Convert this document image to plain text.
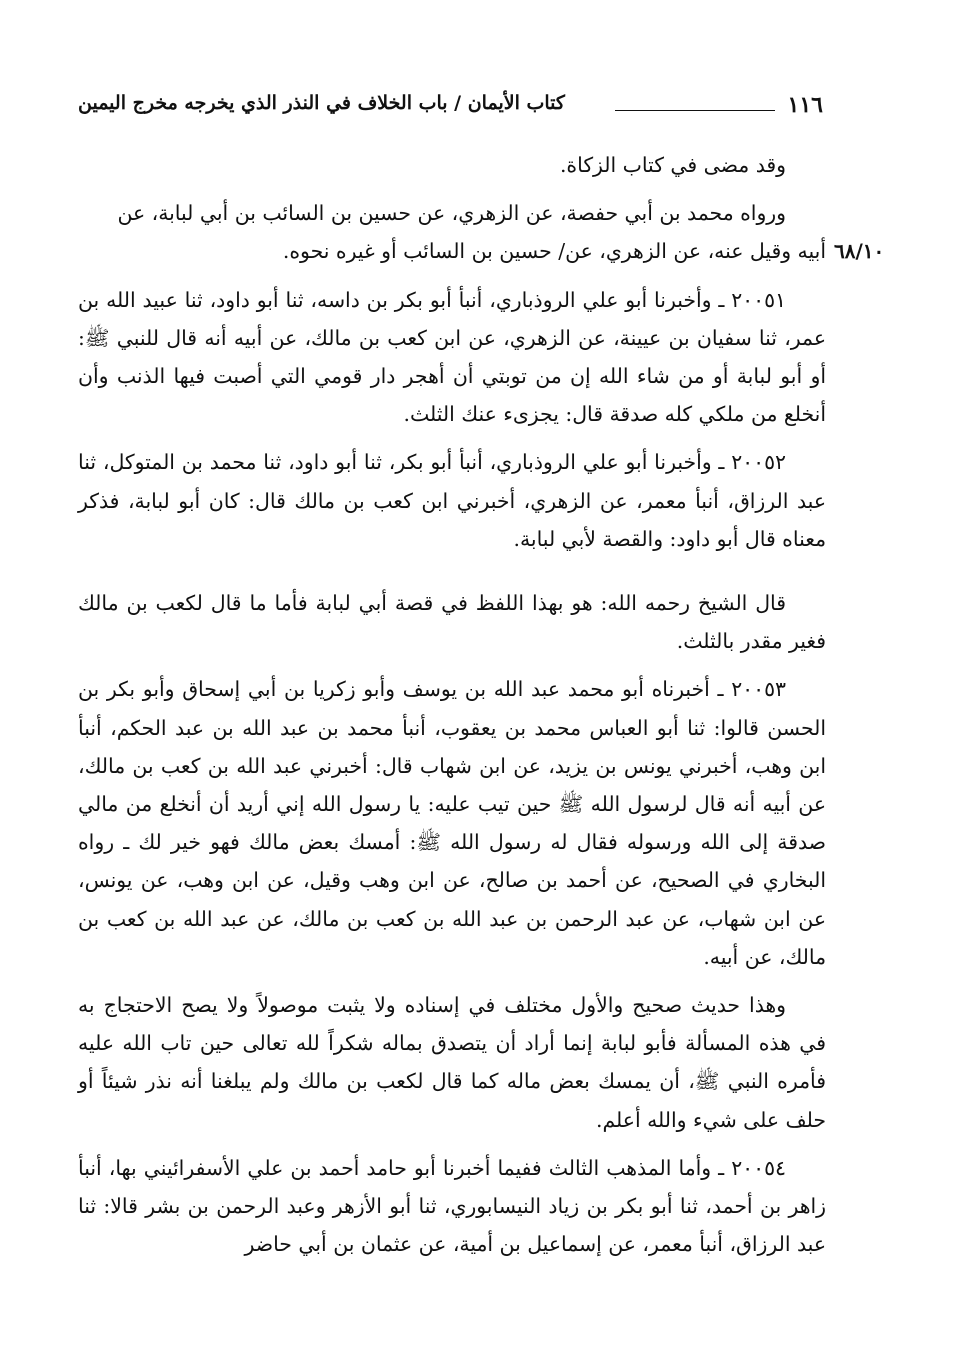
١١٦
كتاب الأيمان / باب الخلاف في النذر الذي يخرجه مخرج اليمين
٦٨/١٠

وقد مضى في كتاب الزكاة.

ورواه محمد بن أبي حفصة، عن الزهري، عن حسين بن السائب بن أبي لبابة، عن

أبيه وقيل عنه، عن الزهري، عن/ حسين بن السائب أو غيره نحوه.

٢٠٠٥١ ـ وأخبرنا أبو علي الروذباري، أنبأ أبو بكر بن داسه، ثنا أبو داود، ثنا عبيد الله بن عمر، ثنا سفيان بن عيينة، عن الزهري، عن ابن كعب بن مالك، عن أبيه أنه قال للنبي ﷺ: أو أبو لبابة أو من شاء الله إن من توبتي أن أهجر دار قومي التي أصبت فيها الذنب وأن أنخلع من ملكي كله صدقة قال: يجزىء عنك الثلث.

٢٠٠٥٢ ـ وأخبرنا أبو علي الروذباري، أنبأ أبو بكر، ثنا أبو داود، ثنا محمد بن المتوكل، ثنا عبد الرزاق، أنبأ معمر، عن الزهري، أخبرني ابن كعب بن مالك قال: كان أبو لبابة، فذكر معناه قال أبو داود: والقصة لأبي لبابة.

قال الشيخ رحمه الله: هو بهذا اللفظ في قصة أبي لبابة فأما ما قال لكعب بن مالك فغير مقدر بالثلث.

٢٠٠٥٣ ـ أخبرناه أبو محمد عبد الله بن يوسف وأبو زكريا بن أبي إسحاق وأبو بكر بن الحسن قالوا: ثنا أبو العباس محمد بن يعقوب، أنبأ محمد بن عبد الله بن عبد الحكم، أنبأ ابن وهب، أخبرني يونس بن يزيد، عن ابن شهاب قال: أخبرني عبد الله بن كعب بن مالك، عن أبيه أنه قال لرسول الله ﷺ حين تيب عليه: يا رسول الله إني أريد أن أنخلع من مالي صدقة إلى الله ورسوله فقال له رسول الله ﷺ: أمسك بعض مالك فهو خير لك ـ رواه البخاري في الصحيح، عن أحمد بن صالح، عن ابن وهب وقيل، عن ابن وهب، عن يونس، عن ابن شهاب، عن عبد الرحمن بن عبد الله بن كعب بن مالك، عن عبد الله بن كعب بن مالك، عن أبيه.

وهذا حديث صحيح والأول مختلف في إسناده ولا يثبت موصولاً ولا يصح الاحتجاج به في هذه المسألة فأبو لبابة إنما أراد أن يتصدق بماله شكراً لله تعالى حين تاب الله عليه فأمره النبي ﷺ، أن يمسك بعض ماله كما قال لكعب بن مالك ولم يبلغنا أنه نذر شيئاً أو حلف على شيء والله أعلم.

٢٠٠٥٤ ـ وأما المذهب الثالث ففيما أخبرنا أبو حامد أحمد بن علي الأسفرائيني بها، أنبأ زاهر بن أحمد، ثنا أبو بكر بن زياد النيسابوري، ثنا أبو الأزهر وعبد الرحمن بن بشر قالا: ثنا عبد الرزاق، أنبأ معمر، عن إسماعيل بن أمية، عن عثمان بن أبي حاضر
